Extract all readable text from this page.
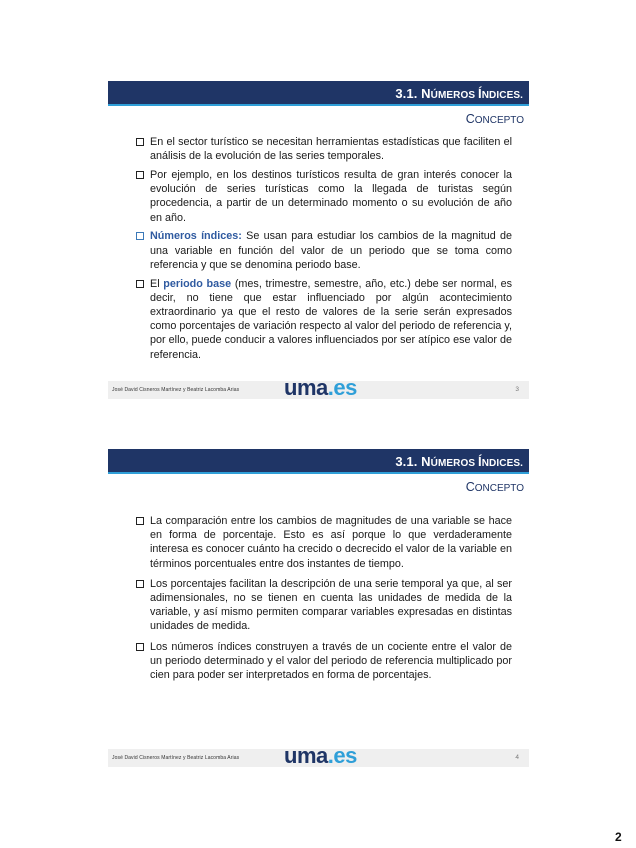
3.1. NÚMEROS ÍNDICES.
CONCEPTO
En el sector turístico se necesitan herramientas estadísticas que faciliten el análisis de la evolución de las series temporales.
Por ejemplo, en los destinos turísticos resulta de gran interés conocer la evolución de series turísticas como la llegada de turistas según procedencia, a partir de un determinado momento o su evolución de año en año.
Números índices: Se usan para estudiar los cambios de la magnitud de una variable en función del valor de un periodo que se toma como referencia y que se denomina periodo base.
El periodo base (mes, trimestre, semestre, año, etc.) debe ser normal, es decir, no tiene que estar influenciado por algún acontecimiento extraordinario ya que el resto de valores de la serie serán expresados como porcentajes de variación respecto al valor del periodo de referencia y, por ello, puede conducir a valores influenciados por ser atípico ese valor de referencia.
José David Cisneros Martínez y Beatriz Lacomba Arias uma.es	3
3.1. NÚMEROS ÍNDICES.
CONCEPTO
La comparación entre los cambios de magnitudes de una variable se hace en forma de porcentaje. Esto es así porque lo que verdaderamente interesa es conocer cuánto ha crecido o decrecido el valor de la variable en términos porcentuales entre dos instantes de tiempo.
Los porcentajes facilitan la descripción de una serie temporal ya que, al ser adimensionales, no se tienen en cuenta las unidades de medida de la variable, y así mismo permiten comparar variables expresadas en distintas unidades de medida.
Los números índices construyen a través de un cociente entre el valor de un periodo determinado y el valor del periodo de referencia multiplicado por cien para poder ser interpretados en forma de porcentajes.
José David Cisneros Martínez y Beatriz Lacomba Arias uma.es	4
2
